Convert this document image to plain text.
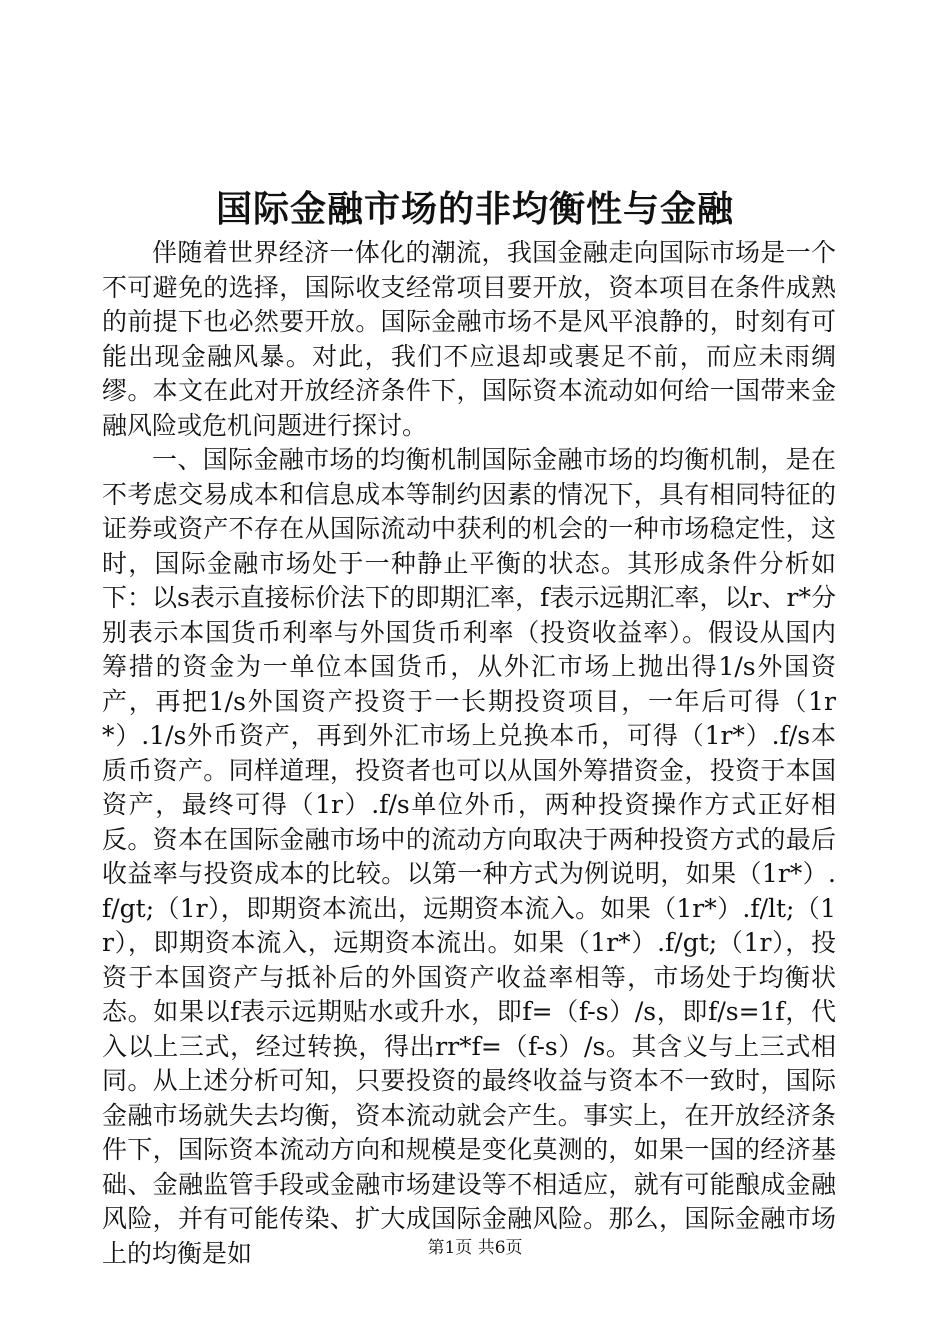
国际金融市场的非均衡性与金融

伴随着世界经济一体化的潮流，我国金融走向国际市场是一个不可避免的选择，国际收支经常项目要开放，资本项目在条件成熟的前提下也必然要开放。国际金融市场不是风平浪静的，时刻有可能出现金融风暴。对此，我们不应退却或裹足不前，而应未雨绸缪。本文在此对开放经济条件下，国际资本流动如何给一国带来金融风险或危机问题进行探讨。

一、国际金融市场的均衡机制国际金融市场的均衡机制，是在不考虑交易成本和信息成本等制约因素的情况下，具有相同特征的证券或资产不存在从国际流动中获利的机会的一种市场稳定性，这时，国际金融市场处于一种静止平衡的状态。其形成条件分析如下：以s表示直接标价法下的即期汇率，f表示远期汇率，以r、r*分别表示本国货币利率与外国货币利率（投资收益率）。假设从国内筹措的资金为一单位本国货币，从外汇市场上抛出得1/s外国资产，再把1/s外国资产投资于一长期投资项目，一年后可得（1r*）.1/s外币资产，再到外汇市场上兑换本币，可得（1r*）.f/s本质币资产。同样道理，投资者也可以从国外筹措资金，投资于本国资产，最终可得（1r）.f/s单位外币，两种投资操作方式正好相反。资本在国际金融市场中的流动方向取决于两种投资方式的最后收益率与投资成本的比较。以第一种方式为例说明，如果（1r*）.f/gt;（1r），即期资本流出，远期资本流入。如果（1r*）.f/lt;（1r），即期资本流入，远期资本流出。如果（1r*）.f/gt;（1r），投资于本国资产与抵补后的外国资产收益率相等，市场处于均衡状态。如果以f表示远期贴水或升水，即f=（f-s）/s，即f/s=1f，代入以上三式，经过转换，得出rr*f=（f-s）/s。其含义与上三式相同。从上述分析可知，只要投资的最终收益与资本不一致时，国际金融市场就失去均衡，资本流动就会产生。事实上，在开放经济条件下，国际资本流动方向和规模是变化莫测的，如果一国的经济基础、金融监管手段或金融市场建设等不相适应，就有可能酿成金融风险，并有可能传染、扩大成国际金融风险。那么，国际金融市场上的均衡是如	第1页 共6页
